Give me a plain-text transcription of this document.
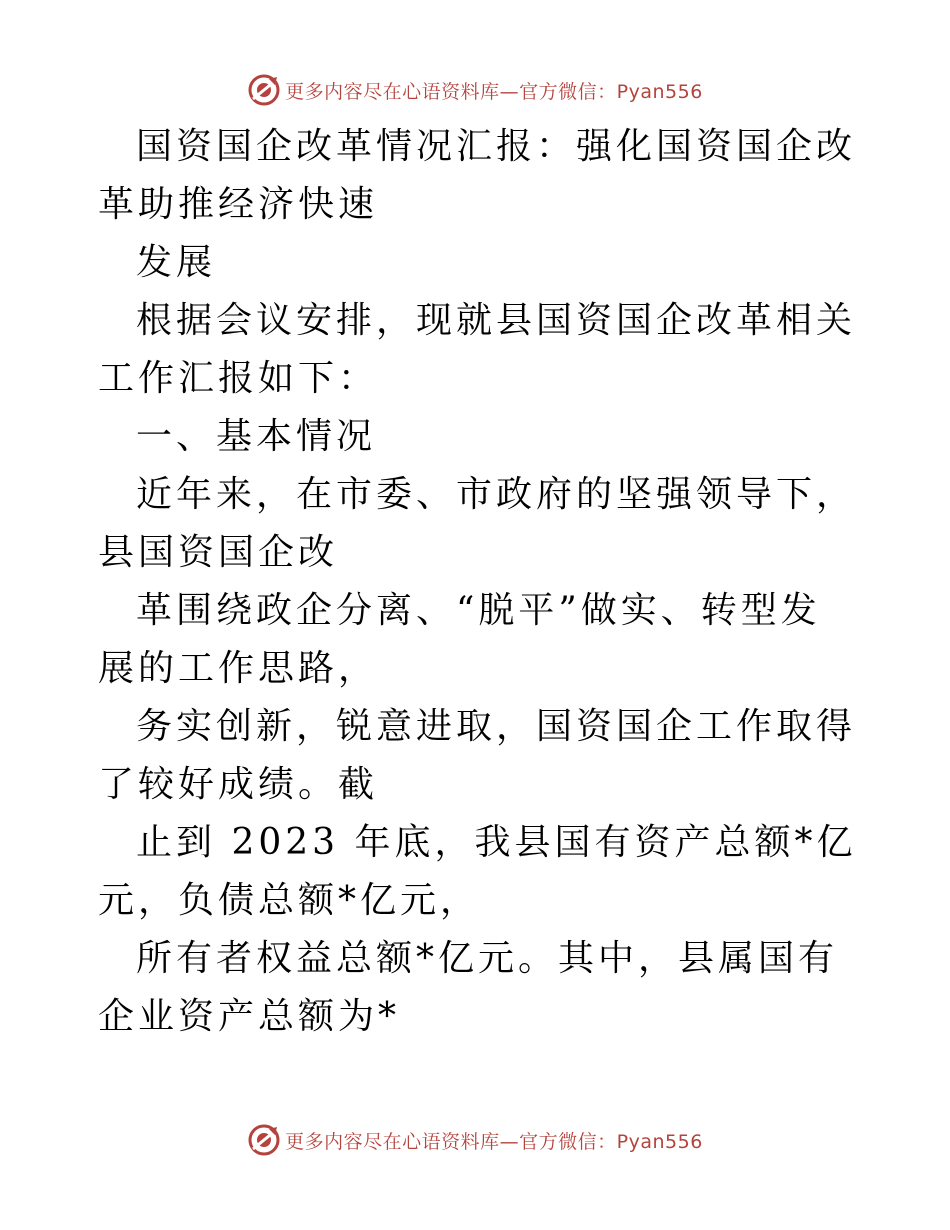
更多内容尽在心语资料库—官方微信：Pyan556

国资国企改革情况汇报：强化国资国企改革助推经济快速

发展

根据会议安排，现就县国资国企改革相关工作汇报如下：

一、基本情况

近年来，在市委、市政府的坚强领导下，县国资国企改

革围绕政企分离、“脱平”做实、转型发展的工作思路，

务实创新，锐意进取，国资国企工作取得了较好成绩。截

止到 2023 年底，我县国有资产总额*亿元，负债总额*亿元，

所有者权益总额*亿元。其中，县属国有企业资产总额为*

更多内容尽在心语资料库—官方微信：Pyan556
